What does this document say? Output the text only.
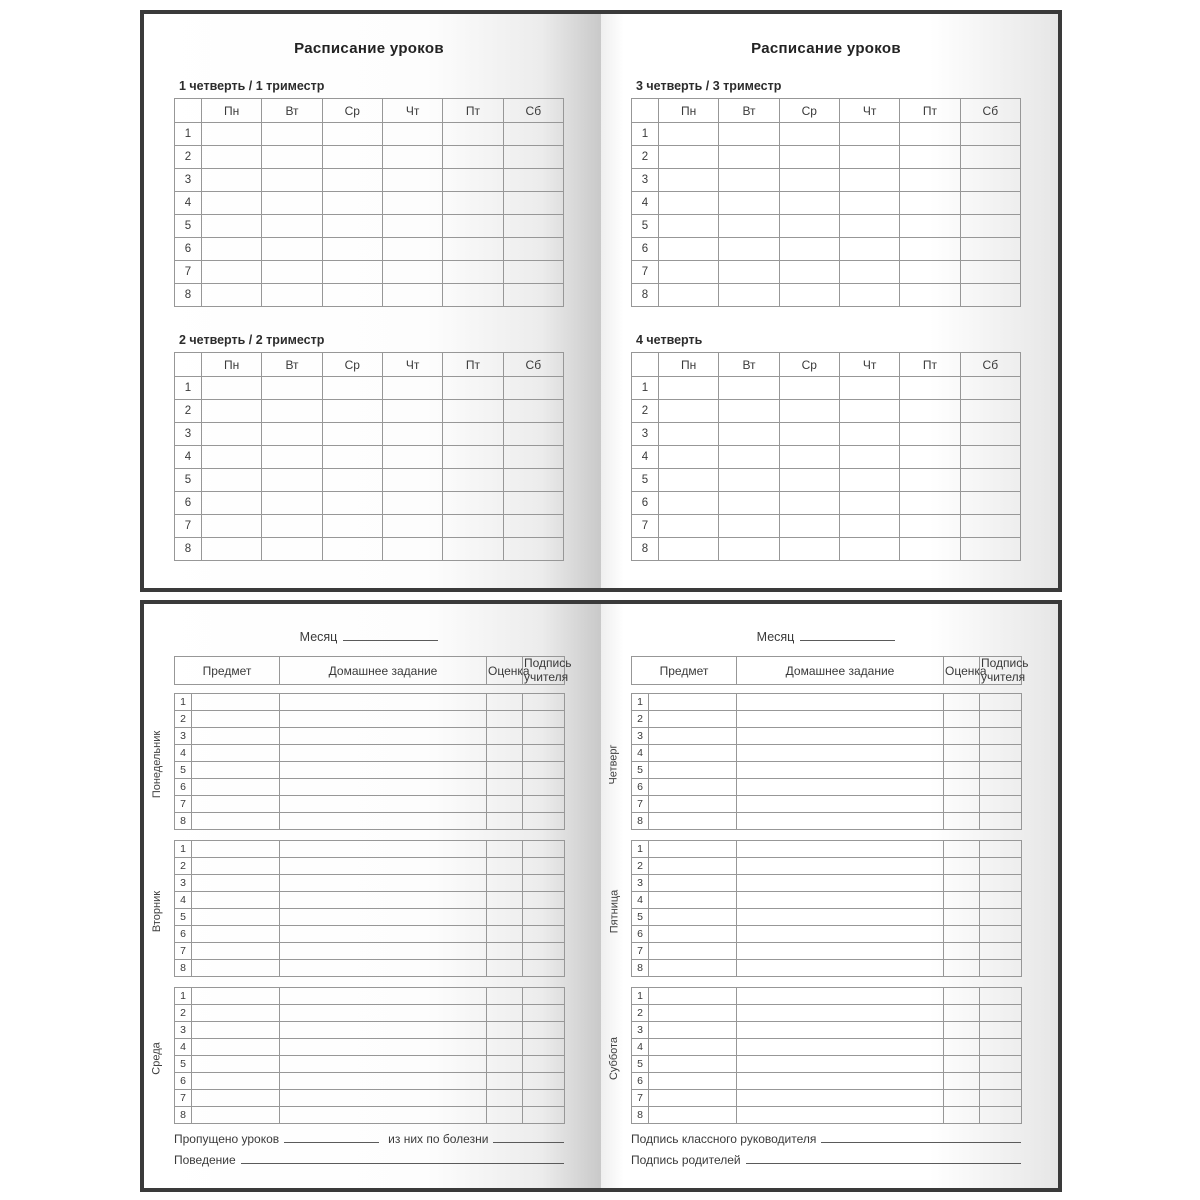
Расписание уроков
1 четверть / 1 триместр
	Пн	Вт	Ср	Чт	Пт	Сб
1						
2						
3						
4						
5						
6						
7						
8						
2 четверть / 2 триместр
	Пн	Вт	Ср	Чт	Пт	Сб
1						
2						
3						
4						
5						
6						
7						
8						
Расписание уроков
3 четверть / 3 триместр
	Пн	Вт	Ср	Чт	Пт	Сб
1						
2						
3						
4						
5						
6						
7						
8						
4 четверть
	Пн	Вт	Ср	Чт	Пт	Сб
1						
2						
3						
4						
5						
6						
7						
8						
Месяц
Предмет	Домашнее задание	Оценка	Подпись учителя
Понедельник
1				
2				
3				
4				
5				
6				
7				
8				
Вторник
1				
2				
3				
4				
5				
6				
7				
8				
Среда
1				
2				
3				
4				
5				
6				
7				
8				
Пропущено уроков	из них по болезни
Поведение
Месяц
Предмет	Домашнее задание	Оценка	Подпись учителя
Четверг
1				
2				
3				
4				
5				
6				
7				
8				
Пятница
1				
2				
3				
4				
5				
6				
7				
8				
Суббота
1				
2				
3				
4				
5				
6				
7				
8				
Подпись классного руководителя
Подпись родителей
